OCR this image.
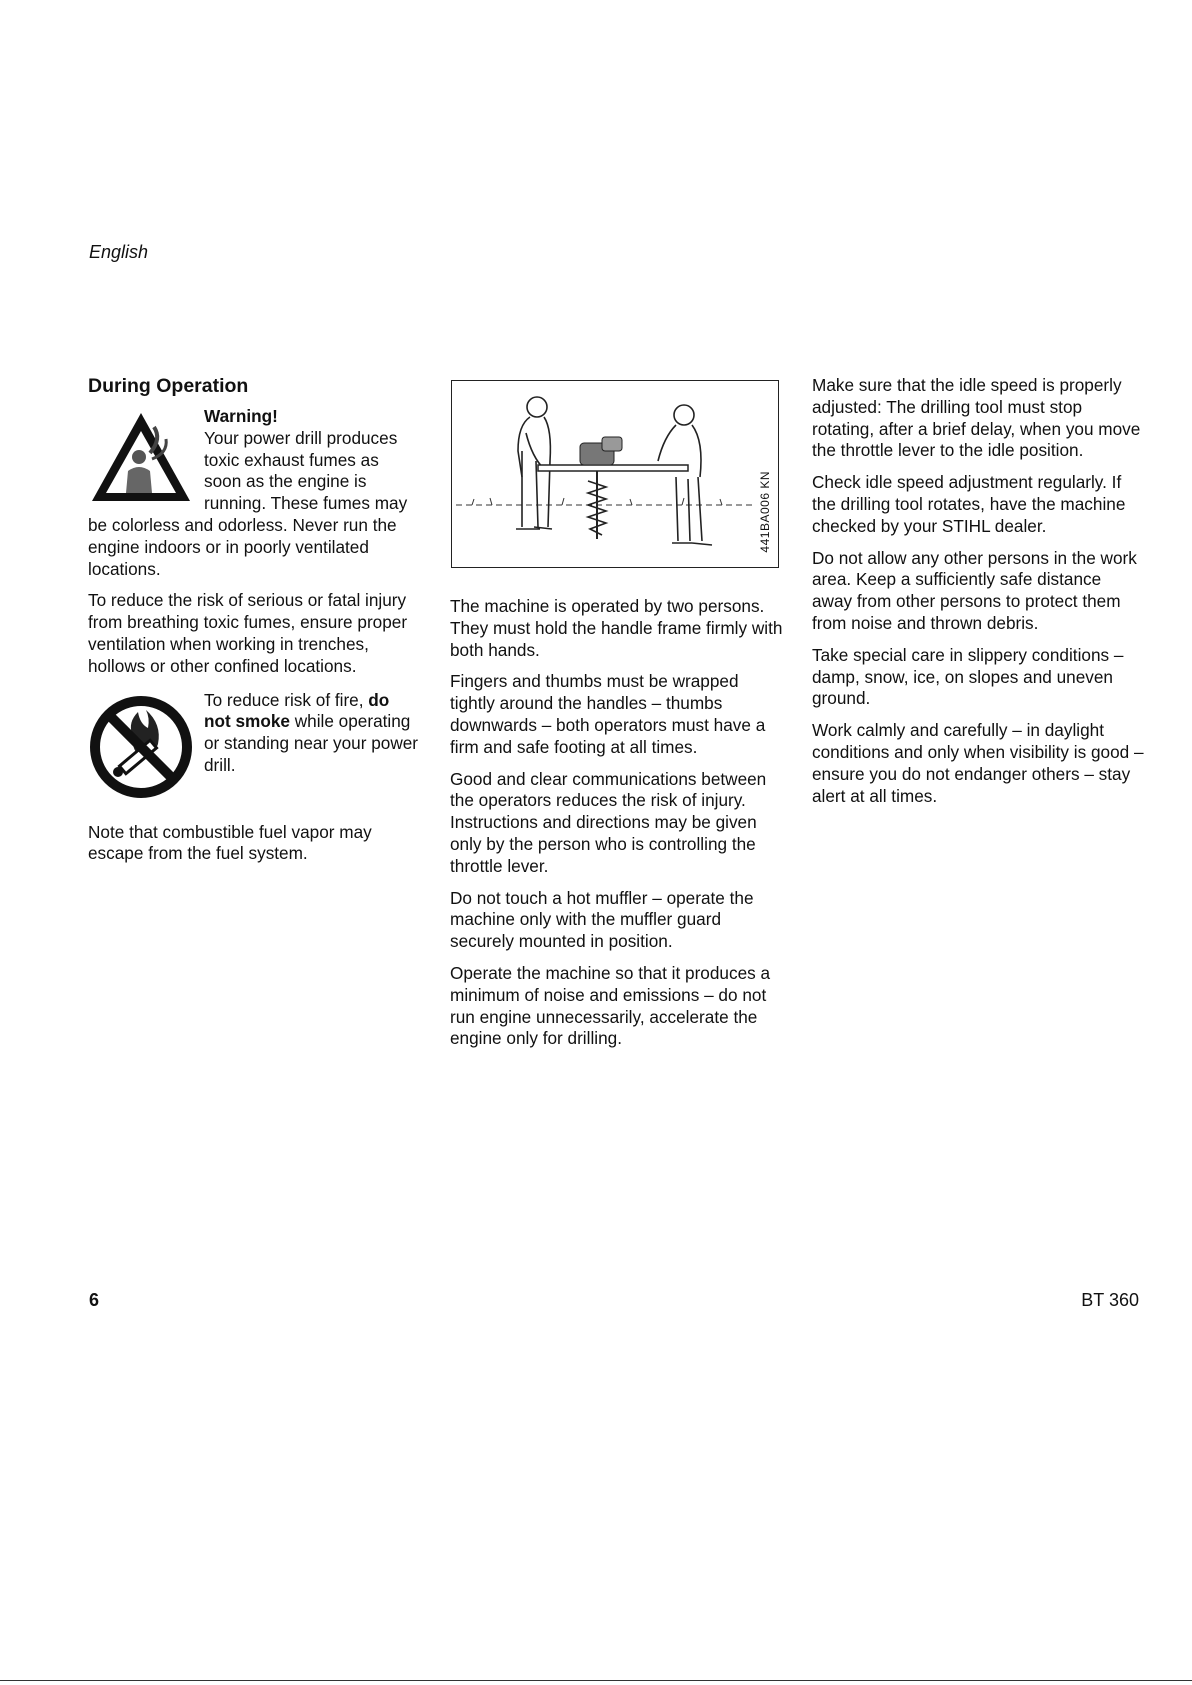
English
During Operation

Warning!
Your power drill produces toxic exhaust fumes as soon as the engine is running. These fumes may be colorless and odorless. Never run the engine indoors or in poorly ventilated locations.

To reduce the risk of serious or fatal injury from breathing toxic fumes, ensure proper ventilation when working in trenches, hollows or other confined locations.

To reduce risk of fire, do not smoke while operating or standing near your power drill.

Note that combustible fuel vapor may escape from the fuel system.

441BA006 KN

The machine is operated by two persons. They must hold the handle frame firmly with both hands.

Fingers and thumbs must be wrapped tightly around the handles – thumbs downwards – both operators must have a firm and safe footing at all times.

Good and clear communications between the operators reduces the risk of injury. Instructions and directions may be given only by the person who is controlling the throttle lever.

Do not touch a hot muffler – operate the machine only with the muffler guard securely mounted in position.

Operate the machine so that it produces a minimum of noise and emissions – do not run engine unnecessarily, accelerate the engine only for drilling.

Make sure that the idle speed is properly adjusted: The drilling tool must stop rotating, after a brief delay, when you move the throttle lever to the idle position.

Check idle speed adjustment regularly. If the drilling tool rotates, have the machine checked by your STIHL dealer.

Do not allow any other persons in the work area. Keep a sufficiently safe distance away from other persons to protect them from noise and thrown debris.

Take special care in slippery conditions – damp, snow, ice, on slopes and uneven ground.

Work calmly and carefully – in daylight conditions and only when visibility is good – ensure you do not endanger others – stay alert at all times.

6	BT 360
